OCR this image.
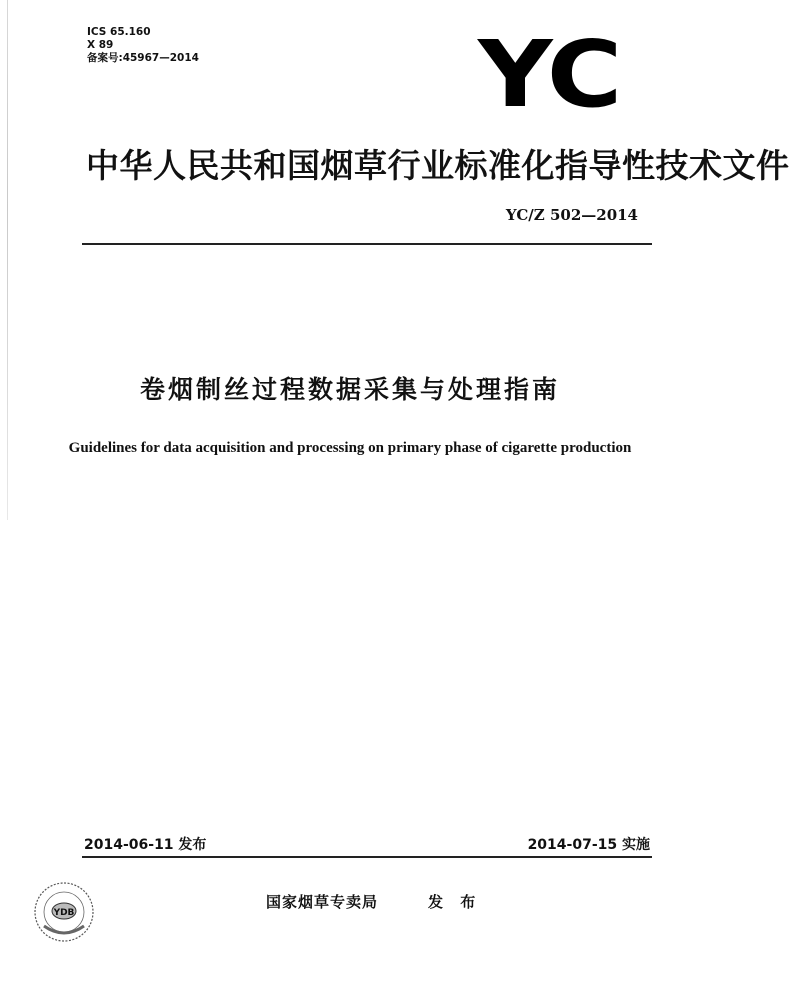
ICS 65.160
X 89
备案号:45967—2014	YC
中华人民共和国烟草行业标准化指导性技术文件
YC/Z 502—2014
卷烟制丝过程数据采集与处理指南
Guidelines for data acquisition and processing on primary phase of cigarette production
2014-06-11 发布	2014-07-15 实施
国家烟草专卖局	发 布
YDB
